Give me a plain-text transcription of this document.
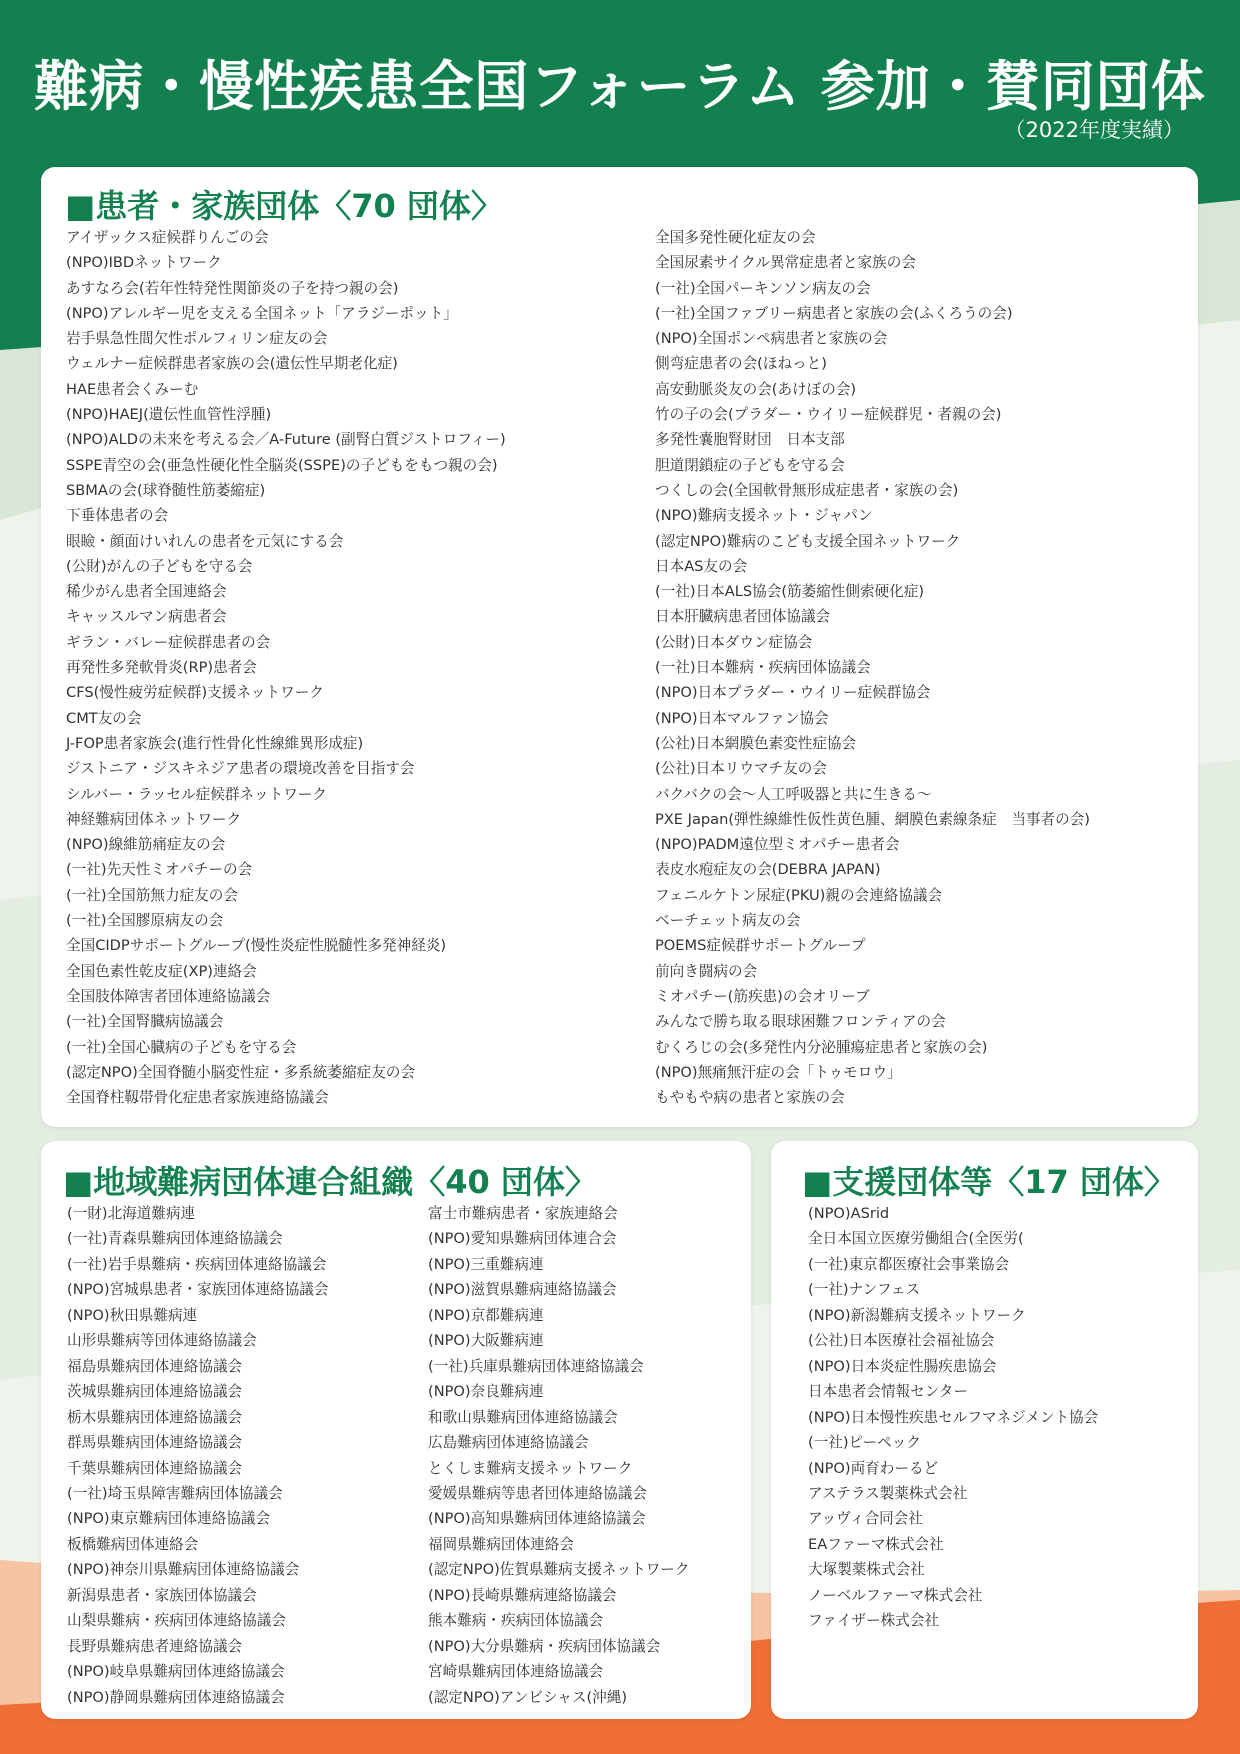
難病・慢性疾患全国フォーラム 参加・賛同団体
（2022年度実績）
■患者・家族団体〈70 団体〉
アイザックス症候群りんごの会
(NPO)IBDネットワーク
あすなろ会(若年性特発性関節炎の子を持つ親の会)
(NPO)アレルギー児を支える全国ネット「アラジーポット」
岩手県急性間欠性ポルフィリン症友の会
ウェルナー症候群患者家族の会(遺伝性早期老化症)
HAE患者会くみーむ
(NPO)HAEJ(遺伝性血管性浮腫)
(NPO)ALDの未来を考える会／A-Future (副腎白質ジストロフィー)
SSPE青空の会(亜急性硬化性全脳炎(SSPE)の子どもをもつ親の会)
SBMAの会(球脊髄性筋萎縮症)
下垂体患者の会
眼瞼・顔面けいれんの患者を元気にする会
(公財)がんの子どもを守る会
稀少がん患者全国連絡会
キャッスルマン病患者会
ギラン・バレー症候群患者の会
再発性多発軟骨炎(RP)患者会
CFS(慢性疲労症候群)支援ネットワーク
CMT友の会
J-FOP患者家族会(進行性骨化性線維異形成症)
ジストニア・ジスキネジア患者の環境改善を目指す会
シルバー・ラッセル症候群ネットワーク
神経難病団体ネットワーク
(NPO)線維筋痛症友の会
(一社)先天性ミオパチーの会
(一社)全国筋無力症友の会
(一社)全国膠原病友の会
全国CIDPサポートグループ(慢性炎症性脱髄性多発神経炎)
全国色素性乾皮症(XP)連絡会
全国肢体障害者団体連絡協議会
(一社)全国腎臓病協議会
(一社)全国心臓病の子どもを守る会
(認定NPO)全国脊髄小脳変性症・多系統萎縮症友の会
全国脊柱靱帯骨化症患者家族連絡協議会
全国多発性硬化症友の会
全国尿素サイクル異常症患者と家族の会
(一社)全国パーキンソン病友の会
(一社)全国ファブリー病患者と家族の会(ふくろうの会)
(NPO)全国ポンペ病患者と家族の会
側弯症患者の会(ほねっと)
高安動脈炎友の会(あけぼの会)
竹の子の会(プラダー・ウイリー症候群児・者親の会)
多発性嚢胞腎財団　日本支部
胆道閉鎖症の子どもを守る会
つくしの会(全国軟骨無形成症患者・家族の会)
(NPO)難病支援ネット・ジャパン
(認定NPO)難病のこども支援全国ネットワーク
日本AS友の会
(一社)日本ALS協会(筋萎縮性側索硬化症)
日本肝臓病患者団体協議会
(公財)日本ダウン症協会
(一社)日本難病・疾病団体協議会
(NPO)日本プラダー・ウイリー症候群協会
(NPO)日本マルファン協会
(公社)日本網膜色素変性症協会
(公社)日本リウマチ友の会
バクバクの会～人工呼吸器と共に生きる～
PXE Japan(弾性線維性仮性黄色腫、網膜色素線条症　当事者の会)
(NPO)PADM遠位型ミオパチー患者会
表皮水疱症友の会(DEBRA JAPAN)
フェニルケトン尿症(PKU)親の会連絡協議会
ベーチェット病友の会
POEMS症候群サポートグループ
前向き闘病の会
ミオパチー(筋疾患)の会オリーブ
みんなで勝ち取る眼球困難フロンティアの会
むくろじの会(多発性内分泌腫瘍症患者と家族の会)
(NPO)無痛無汗症の会「トゥモロウ」
もやもや病の患者と家族の会
■地域難病団体連合組織〈40 団体〉
(一財)北海道難病連
(一社)青森県難病団体連絡協議会
(一社)岩手県難病・疾病団体連絡協議会
(NPO)宮城県患者・家族団体連絡協議会
(NPO)秋田県難病連
山形県難病等団体連絡協議会
福島県難病団体連絡協議会
茨城県難病団体連絡協議会
栃木県難病団体連絡協議会
群馬県難病団体連絡協議会
千葉県難病団体連絡協議会
(一社)埼玉県障害難病団体協議会
(NPO)東京難病団体連絡協議会
板橋難病団体連絡会
(NPO)神奈川県難病団体連絡協議会
新潟県患者・家族団体協議会
山梨県難病・疾病団体連絡協議会
長野県難病患者連絡協議会
(NPO)岐阜県難病団体連絡協議会
(NPO)静岡県難病団体連絡協議会
富士市難病患者・家族連絡会
(NPO)愛知県難病団体連合会
(NPO)三重難病連
(NPO)滋賀県難病連絡協議会
(NPO)京都難病連
(NPO)大阪難病連
(一社)兵庫県難病団体連絡協議会
(NPO)奈良難病連
和歌山県難病団体連絡協議会
広島難病団体連絡協議会
とくしま難病支援ネットワーク
愛媛県難病等患者団体連絡協議会
(NPO)高知県難病団体連絡協議会
福岡県難病団体連絡会
(認定NPO)佐賀県難病支援ネットワーク
(NPO)長崎県難病連絡協議会
熊本難病・疾病団体協議会
(NPO)大分県難病・疾病団体協議会
宮崎県難病団体連絡協議会
(認定NPO)アンビシャス(沖縄)
■支援団体等〈17 団体〉
(NPO)ASrid
全日本国立医療労働組合(全医労(
(一社)東京都医療社会事業協会
(一社)ナンフェス
(NPO)新潟難病支援ネットワーク
(公社)日本医療社会福祉協会
(NPO)日本炎症性腸疾患協会
日本患者会情報センター
(NPO)日本慢性疾患セルフマネジメント協会
(一社)ピーペック
(NPO)両育わーるど
アステラス製薬株式会社
アッヴィ合同会社
EAファーマ株式会社
大塚製薬株式会社
ノーベルファーマ株式会社
ファイザー株式会社
